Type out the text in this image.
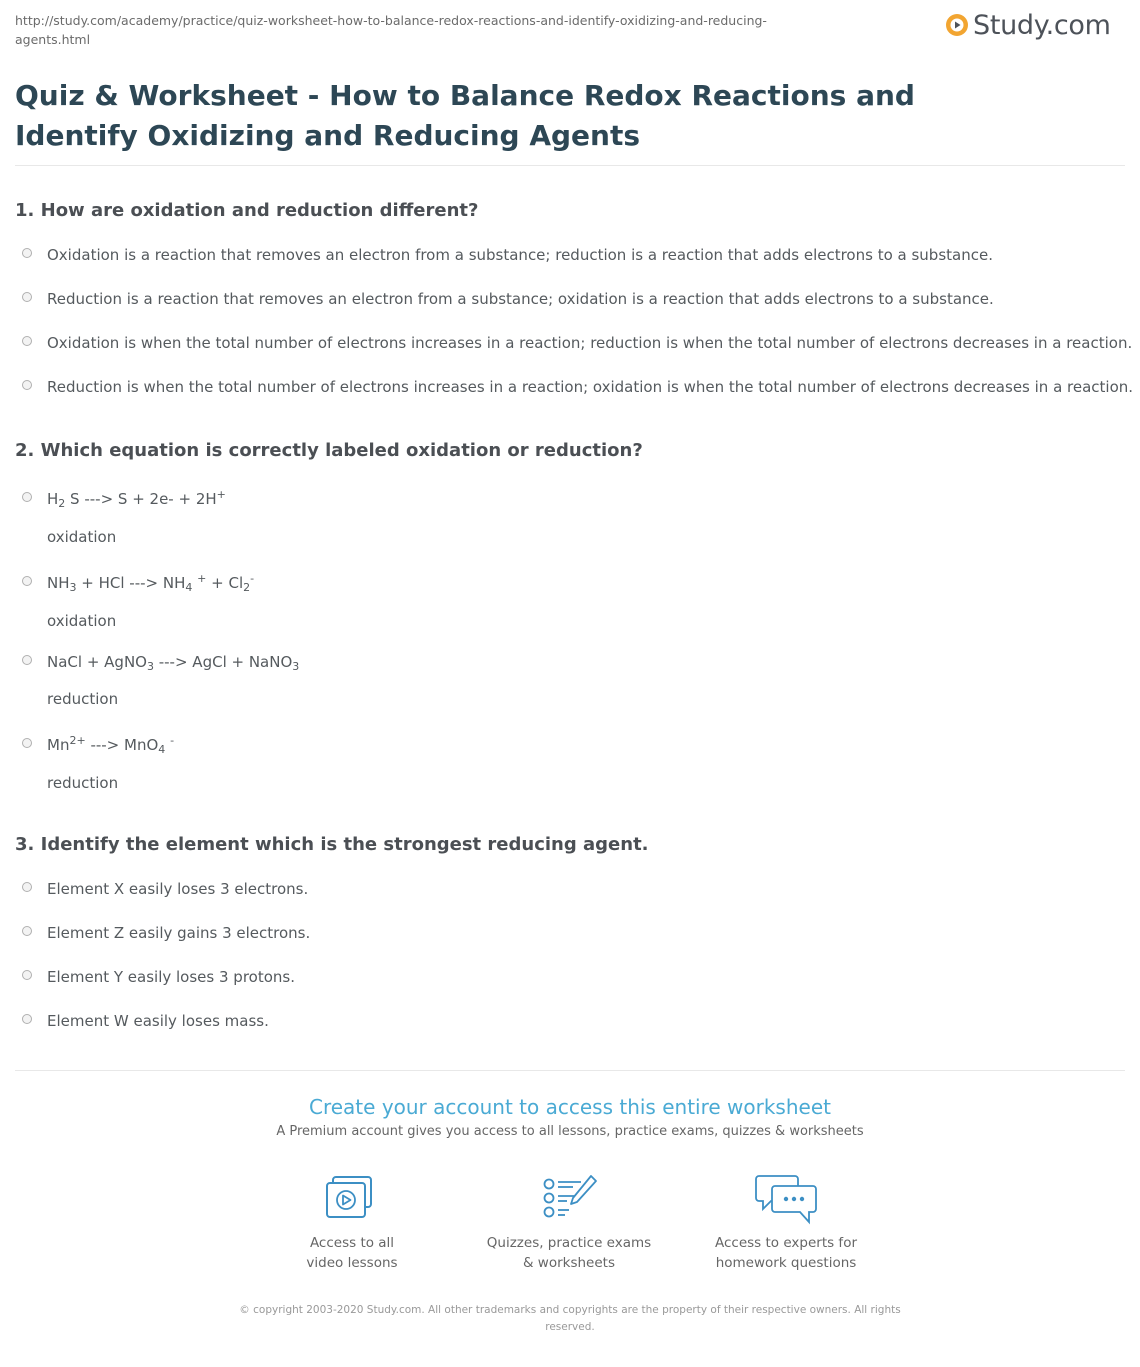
http://study.com/academy/practice/quiz-worksheet-how-to-balance-redox-reactions-and-identify-oxidizing-and-reducing-agents.html	Study.com
Quiz & Worksheet - How to Balance Redox Reactions and
Identify Oxidizing and Reducing Agents
1. How are oxidation and reduction different?
Oxidation is a reaction that removes an electron from a substance; reduction is a reaction that adds electrons to a substance.
Reduction is a reaction that removes an electron from a substance; oxidation is a reaction that adds electrons to a substance.
Oxidation is when the total number of electrons increases in a reaction; reduction is when the total number of electrons decreases in a reaction.
Reduction is when the total number of electrons increases in a reaction; oxidation is when the total number of electrons decreases in a reaction.
2. Which equation is correctly labeled oxidation or reduction?
$H_2$ S ---> S + 2e- + 2H+
oxidation
$NH_3$ + HCl ---> $NH_4$ $^+ + Cl_2^-$
oxidation
NaCl + AgNO$_3$ ---> AgCl + NaNO$_3$
reduction
$Mn^{2+}$ ---> MnO$_4$ -
reduction
3. Identify the element which is the strongest reducing agent.
Element X easily loses 3 electrons.
Element Z easily gains 3 electrons.
Element Y easily loses 3 protons.
Element W easily loses mass.
Create your account to access this entire worksheet
A Premium account gives you access to all lessons, practice exams, quizzes & worksheets
Access to all
video lessons
Quizzes, practice exams
& worksheets
Access to experts for
homework questions
© copyright 2003-2020 Study.com. All other trademarks and copyrights are the property of their respective owners. All rights
reserved.
